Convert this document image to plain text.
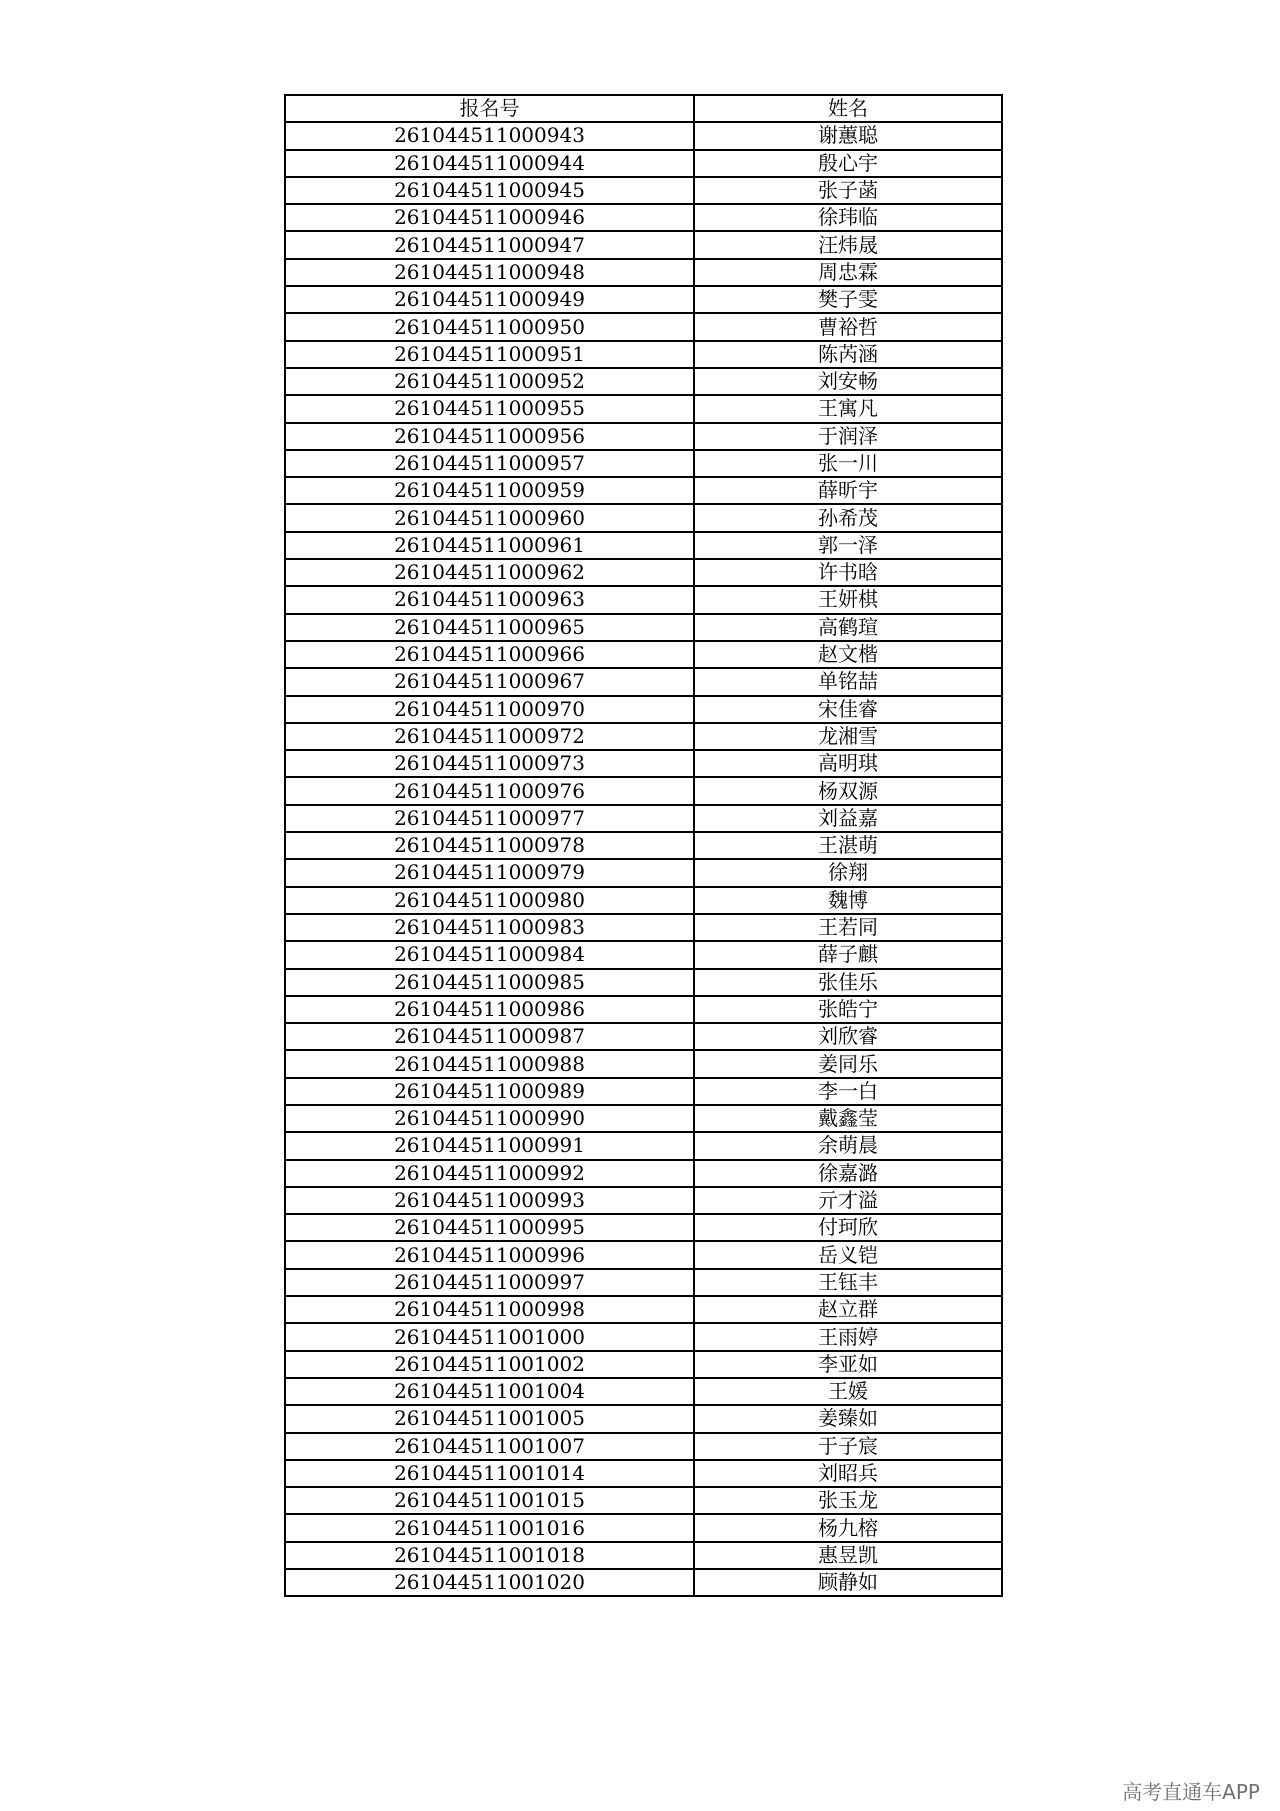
报名号	姓名
261044511000943	谢蕙聪
261044511000944	殷心宇
261044511000945	张子菡
261044511000946	徐玮临
261044511000947	汪炜晟
261044511000948	周忠霖
261044511000949	樊子雯
261044511000950	曹裕哲
261044511000951	陈芮涵
261044511000952	刘安畅
261044511000955	王寓凡
261044511000956	于润泽
261044511000957	张一川
261044511000959	薛昕宇
261044511000960	孙希茂
261044511000961	郭一泽
261044511000962	许书晗
261044511000963	王妍棋
261044511000965	高鹤瑄
261044511000966	赵文楷
261044511000967	单铭喆
261044511000970	宋佳睿
261044511000972	龙湘雪
261044511000973	高明琪
261044511000976	杨双源
261044511000977	刘益嘉
261044511000978	王湛萌
261044511000979	徐翔
261044511000980	魏博
261044511000983	王若同
261044511000984	薛子麒
261044511000985	张佳乐
261044511000986	张皓宁
261044511000987	刘欣睿
261044511000988	姜同乐
261044511000989	李一白
261044511000990	戴鑫莹
261044511000991	余萌晨
261044511000992	徐嘉潞
261044511000993	亓才溢
261044511000995	付珂欣
261044511000996	岳义铠
261044511000997	王钰丰
261044511000998	赵立群
261044511001000	王雨婷
261044511001002	李亚如
261044511001004	王媛
261044511001005	姜臻如
261044511001007	于子宸
261044511001014	刘昭兵
261044511001015	张玉龙
261044511001016	杨九榕
261044511001018	惠昱凯
261044511001020	顾静如
高考直通车APP
